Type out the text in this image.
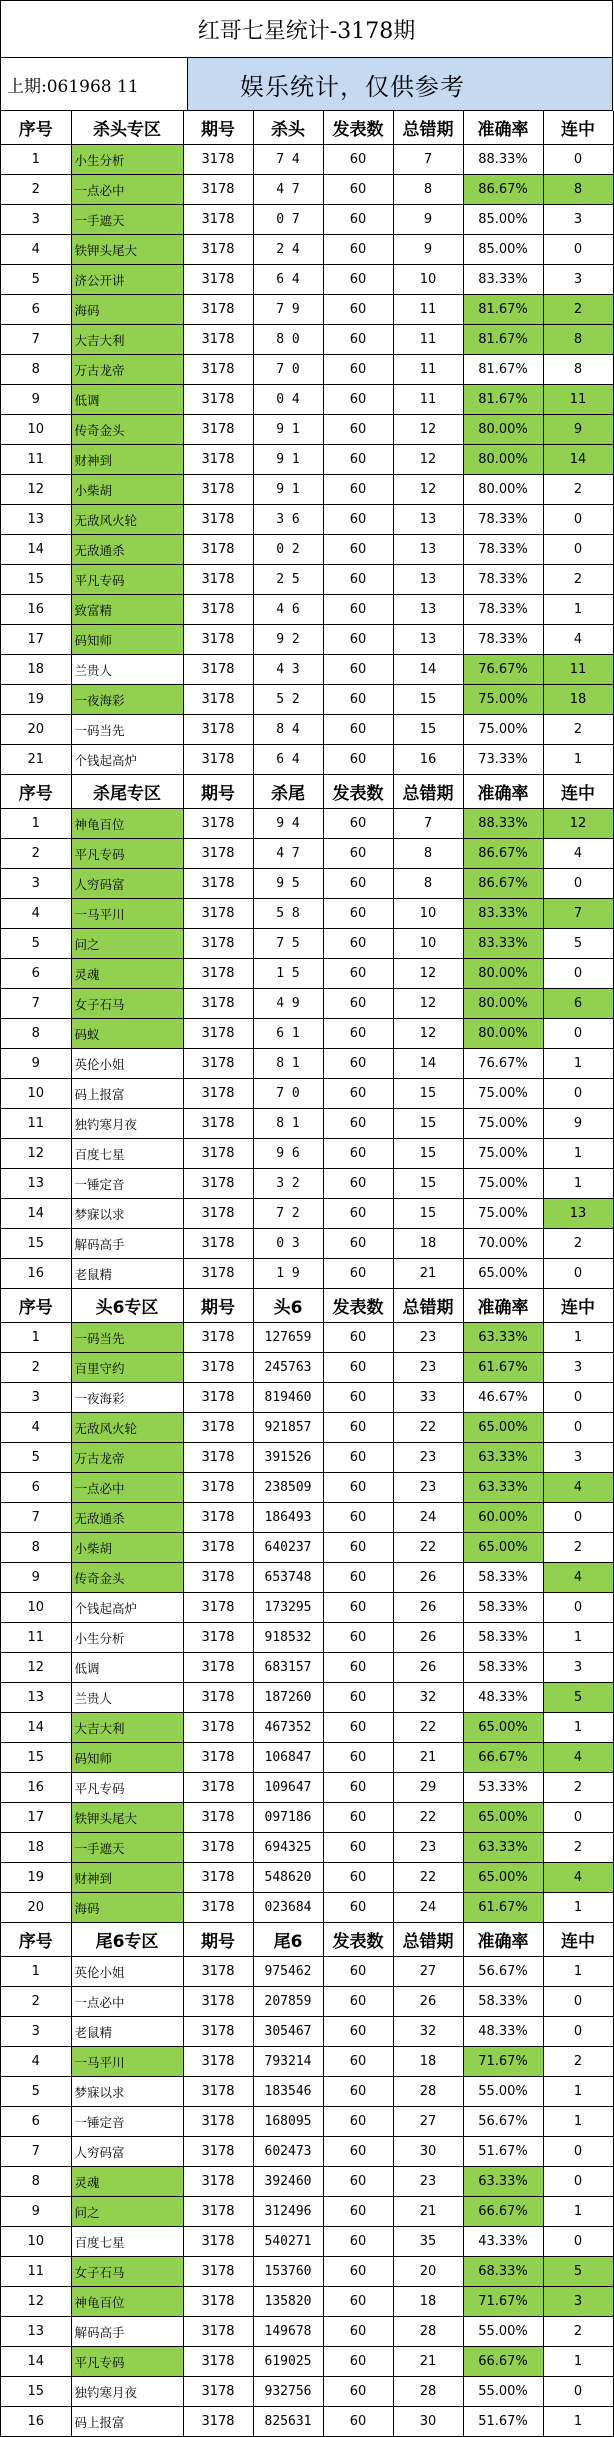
红哥七星统计-3178期
上期:061968 11	娱乐统计，仅供参考
序号	杀头专区	期号	杀头	发表数	总错期	准确率	连中
1	小生分析	3178	7 4	60	7	88.33%	0
2	一点必中	3178	4 7	60	8	86.67%	8
3	一手遮天	3178	0 7	60	9	85.00%	3
4	铁钾头尾大	3178	2 4	60	9	85.00%	0
5	济公开讲	3178	6 4	60	10	83.33%	3
6	海码	3178	7 9	60	11	81.67%	2
7	大吉大利	3178	8 0	60	11	81.67%	8
8	万古龙帝	3178	7 0	60	11	81.67%	8
9	低调	3178	0 4	60	11	81.67%	11
10	传奇金头	3178	9 1	60	12	80.00%	9
11	财神到	3178	9 1	60	12	80.00%	14
12	小柴胡	3178	9 1	60	12	80.00%	2
13	无敌风火轮	3178	3 6	60	13	78.33%	0
14	无敌通杀	3178	0 2	60	13	78.33%	0
15	平凡专码	3178	2 5	60	13	78.33%	2
16	致富精	3178	4 6	60	13	78.33%	1
17	码知师	3178	9 2	60	13	78.33%	4
18	兰贵人	3178	4 3	60	14	76.67%	11
19	一夜海彩	3178	5 2	60	15	75.00%	18
20	一码当先	3178	8 4	60	15	75.00%	2
21	个钱起高炉	3178	6 4	60	16	73.33%	1
序号	杀尾专区	期号	杀尾	发表数	总错期	准确率	连中
1	神龟百位	3178	9 4	60	7	88.33%	12
2	平凡专码	3178	4 7	60	8	86.67%	4
3	人穷码富	3178	9 5	60	8	86.67%	0
4	一马平川	3178	5 8	60	10	83.33%	7
5	问之	3178	7 5	60	10	83.33%	5
6	灵魂	3178	1 5	60	12	80.00%	0
7	女子石马	3178	4 9	60	12	80.00%	6
8	码蚁	3178	6 1	60	12	80.00%	0
9	英伦小姐	3178	8 1	60	14	76.67%	1
10	码上报富	3178	7 0	60	15	75.00%	0
11	独钓寒月夜	3178	8 1	60	15	75.00%	9
12	百度七星	3178	9 6	60	15	75.00%	1
13	一锤定音	3178	3 2	60	15	75.00%	1
14	梦寐以求	3178	7 2	60	15	75.00%	13
15	解码高手	3178	0 3	60	18	70.00%	2
16	老鼠精	3178	1 9	60	21	65.00%	0
序号	头6专区	期号	头6	发表数	总错期	准确率	连中
1	一码当先	3178	127659	60	23	63.33%	1
2	百里守约	3178	245763	60	23	61.67%	3
3	一夜海彩	3178	819460	60	33	46.67%	0
4	无敌风火轮	3178	921857	60	22	65.00%	0
5	万古龙帝	3178	391526	60	23	63.33%	3
6	一点必中	3178	238509	60	23	63.33%	4
7	无敌通杀	3178	186493	60	24	60.00%	0
8	小柴胡	3178	640237	60	22	65.00%	2
9	传奇金头	3178	653748	60	26	58.33%	4
10	个钱起高炉	3178	173295	60	26	58.33%	0
11	小生分析	3178	918532	60	26	58.33%	1
12	低调	3178	683157	60	26	58.33%	3
13	兰贵人	3178	187260	60	32	48.33%	5
14	大吉大利	3178	467352	60	22	65.00%	1
15	码知师	3178	106847	60	21	66.67%	4
16	平凡专码	3178	109647	60	29	53.33%	2
17	铁钾头尾大	3178	097186	60	22	65.00%	0
18	一手遮天	3178	694325	60	23	63.33%	2
19	财神到	3178	548620	60	22	65.00%	4
20	海码	3178	023684	60	24	61.67%	1
序号	尾6专区	期号	尾6	发表数	总错期	准确率	连中
1	英伦小姐	3178	975462	60	27	56.67%	1
2	一点必中	3178	207859	60	26	58.33%	0
3	老鼠精	3178	305467	60	32	48.33%	0
4	一马平川	3178	793214	60	18	71.67%	2
5	梦寐以求	3178	183546	60	28	55.00%	1
6	一锤定音	3178	168095	60	27	56.67%	1
7	人穷码富	3178	602473	60	30	51.67%	0
8	灵魂	3178	392460	60	23	63.33%	0
9	问之	3178	312496	60	21	66.67%	1
10	百度七星	3178	540271	60	35	43.33%	0
11	女子石马	3178	153760	60	20	68.33%	5
12	神龟百位	3178	135820	60	18	71.67%	3
13	解码高手	3178	149678	60	28	55.00%	2
14	平凡专码	3178	619025	60	21	66.67%	1
15	独钓寒月夜	3178	932756	60	28	55.00%	0
16	码上报富	3178	825631	60	30	51.67%	1
